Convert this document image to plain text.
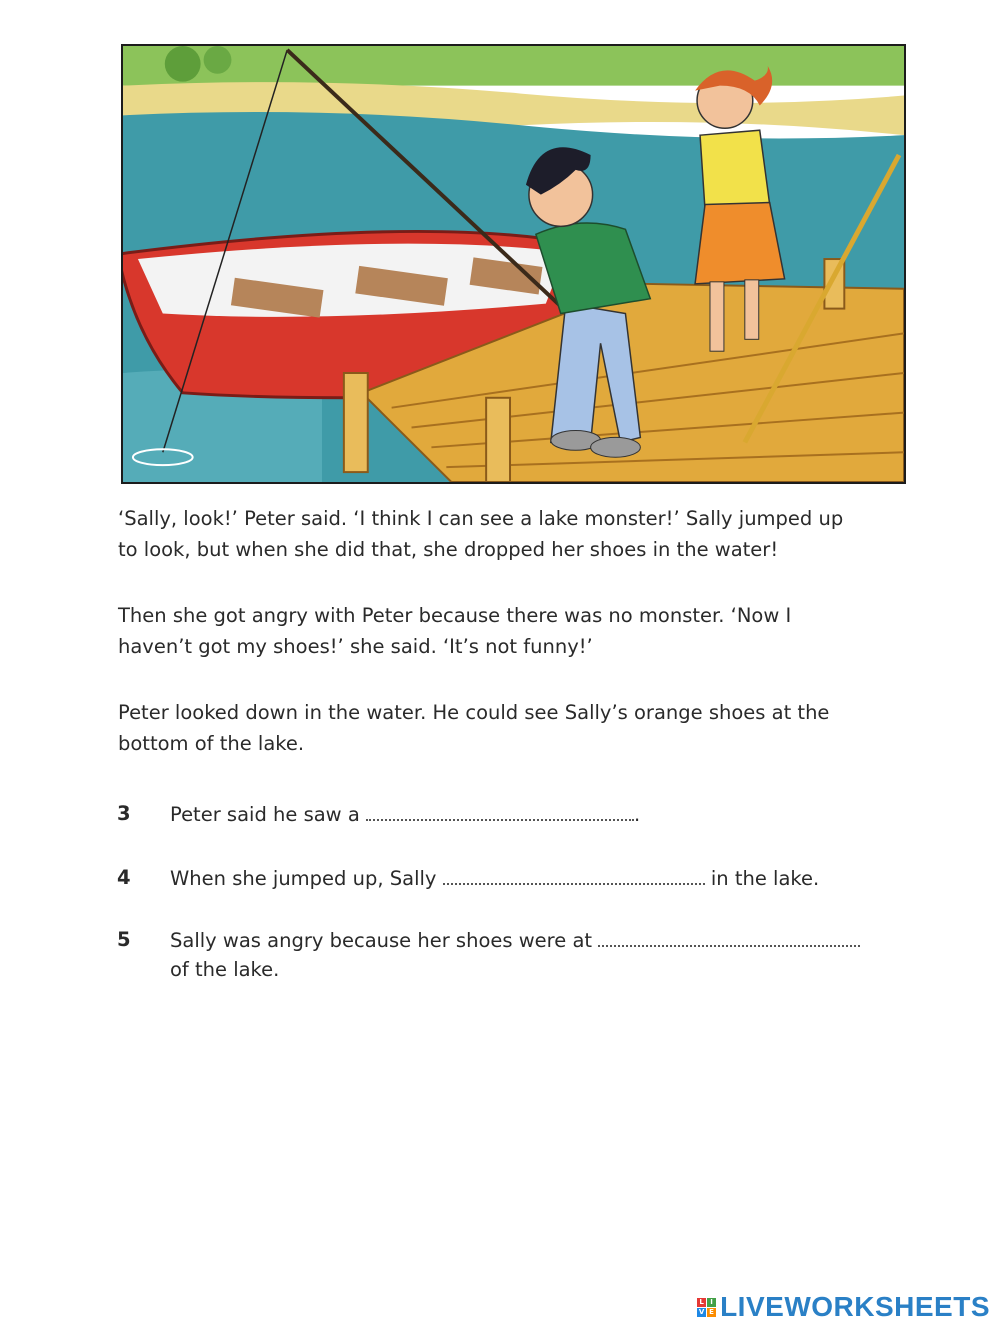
‘Sally, look!’ Peter said. ‘I think I can see a lake monster!’ Sally jumped up
to look, but when she did that, she dropped her shoes in the water!

Then she got angry with Peter because there was no monster. ‘Now I
haven’t got my shoes!’ she said. ‘It’s not funny!’

Peter looked down in the water. He could see Sally’s orange shoes at the
bottom of the lake.

3 Peter said he saw a	.
4 When she jumped up, Sally	in the lake.
5 Sally was angry because her shoes were at
of the lake.
L I
V E LIVEWORKSHEETS
